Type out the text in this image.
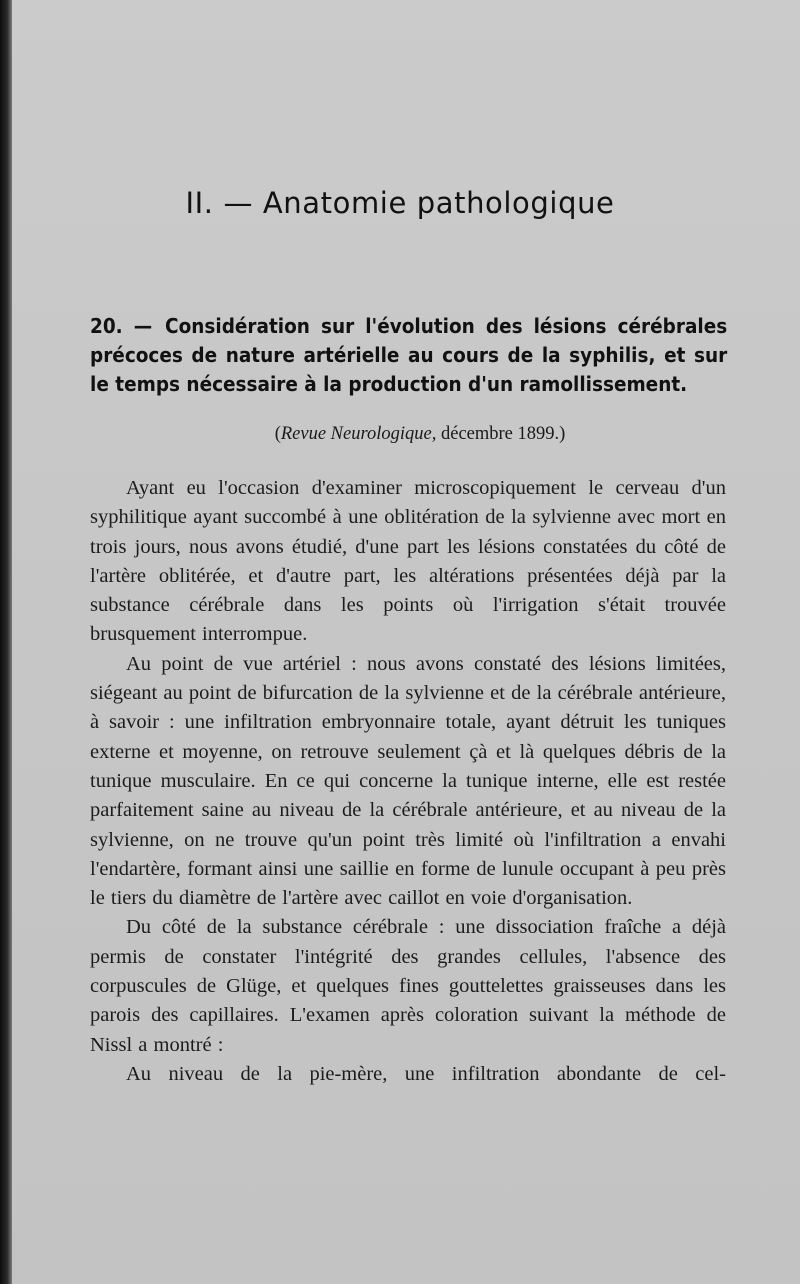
II. — Anatomie pathologique
20. — Considération sur l'évolution des lésions cérébrales précoces de nature artérielle au cours de la syphilis, et sur le temps nécessaire à la production d'un ramollissement.
(Revue Neurologique, décembre 1899.)

Ayant eu l'occasion d'examiner microscopiquement le cerveau d'un syphilitique ayant succombé à une oblitération de la sylvienne avec mort en trois jours, nous avons étudié, d'une part les lésions constatées du côté de l'artère oblitérée, et d'autre part, les altérations présentées déjà par la substance cérébrale dans les points où l'irrigation s'était trouvée brusquement interrompue.

Au point de vue artériel : nous avons constaté des lésions limitées, siégeant au point de bifurcation de la sylvienne et de la cérébrale antérieure, à savoir : une infiltration embryonnaire totale, ayant détruit les tuniques externe et moyenne, on retrouve seulement çà et là quelques débris de la tunique musculaire. En ce qui concerne la tunique interne, elle est restée parfaitement saine au niveau de la cérébrale antérieure, et au niveau de la sylvienne, on ne trouve qu'un point très limité où l'infiltration a envahi l'endartère, formant ainsi une saillie en forme de lunule occupant à peu près le tiers du diamètre de l'artère avec caillot en voie d'organisation.

Du côté de la substance cérébrale : une dissociation fraîche a déjà permis de constater l'intégrité des grandes cellules, l'absence des corpuscules de Glüge, et quelques fines gouttelettes graisseuses dans les parois des capillaires. L'examen après coloration suivant la méthode de Nissl a montré :

Au niveau de la pie-mère, une infiltration abondante de cel-
